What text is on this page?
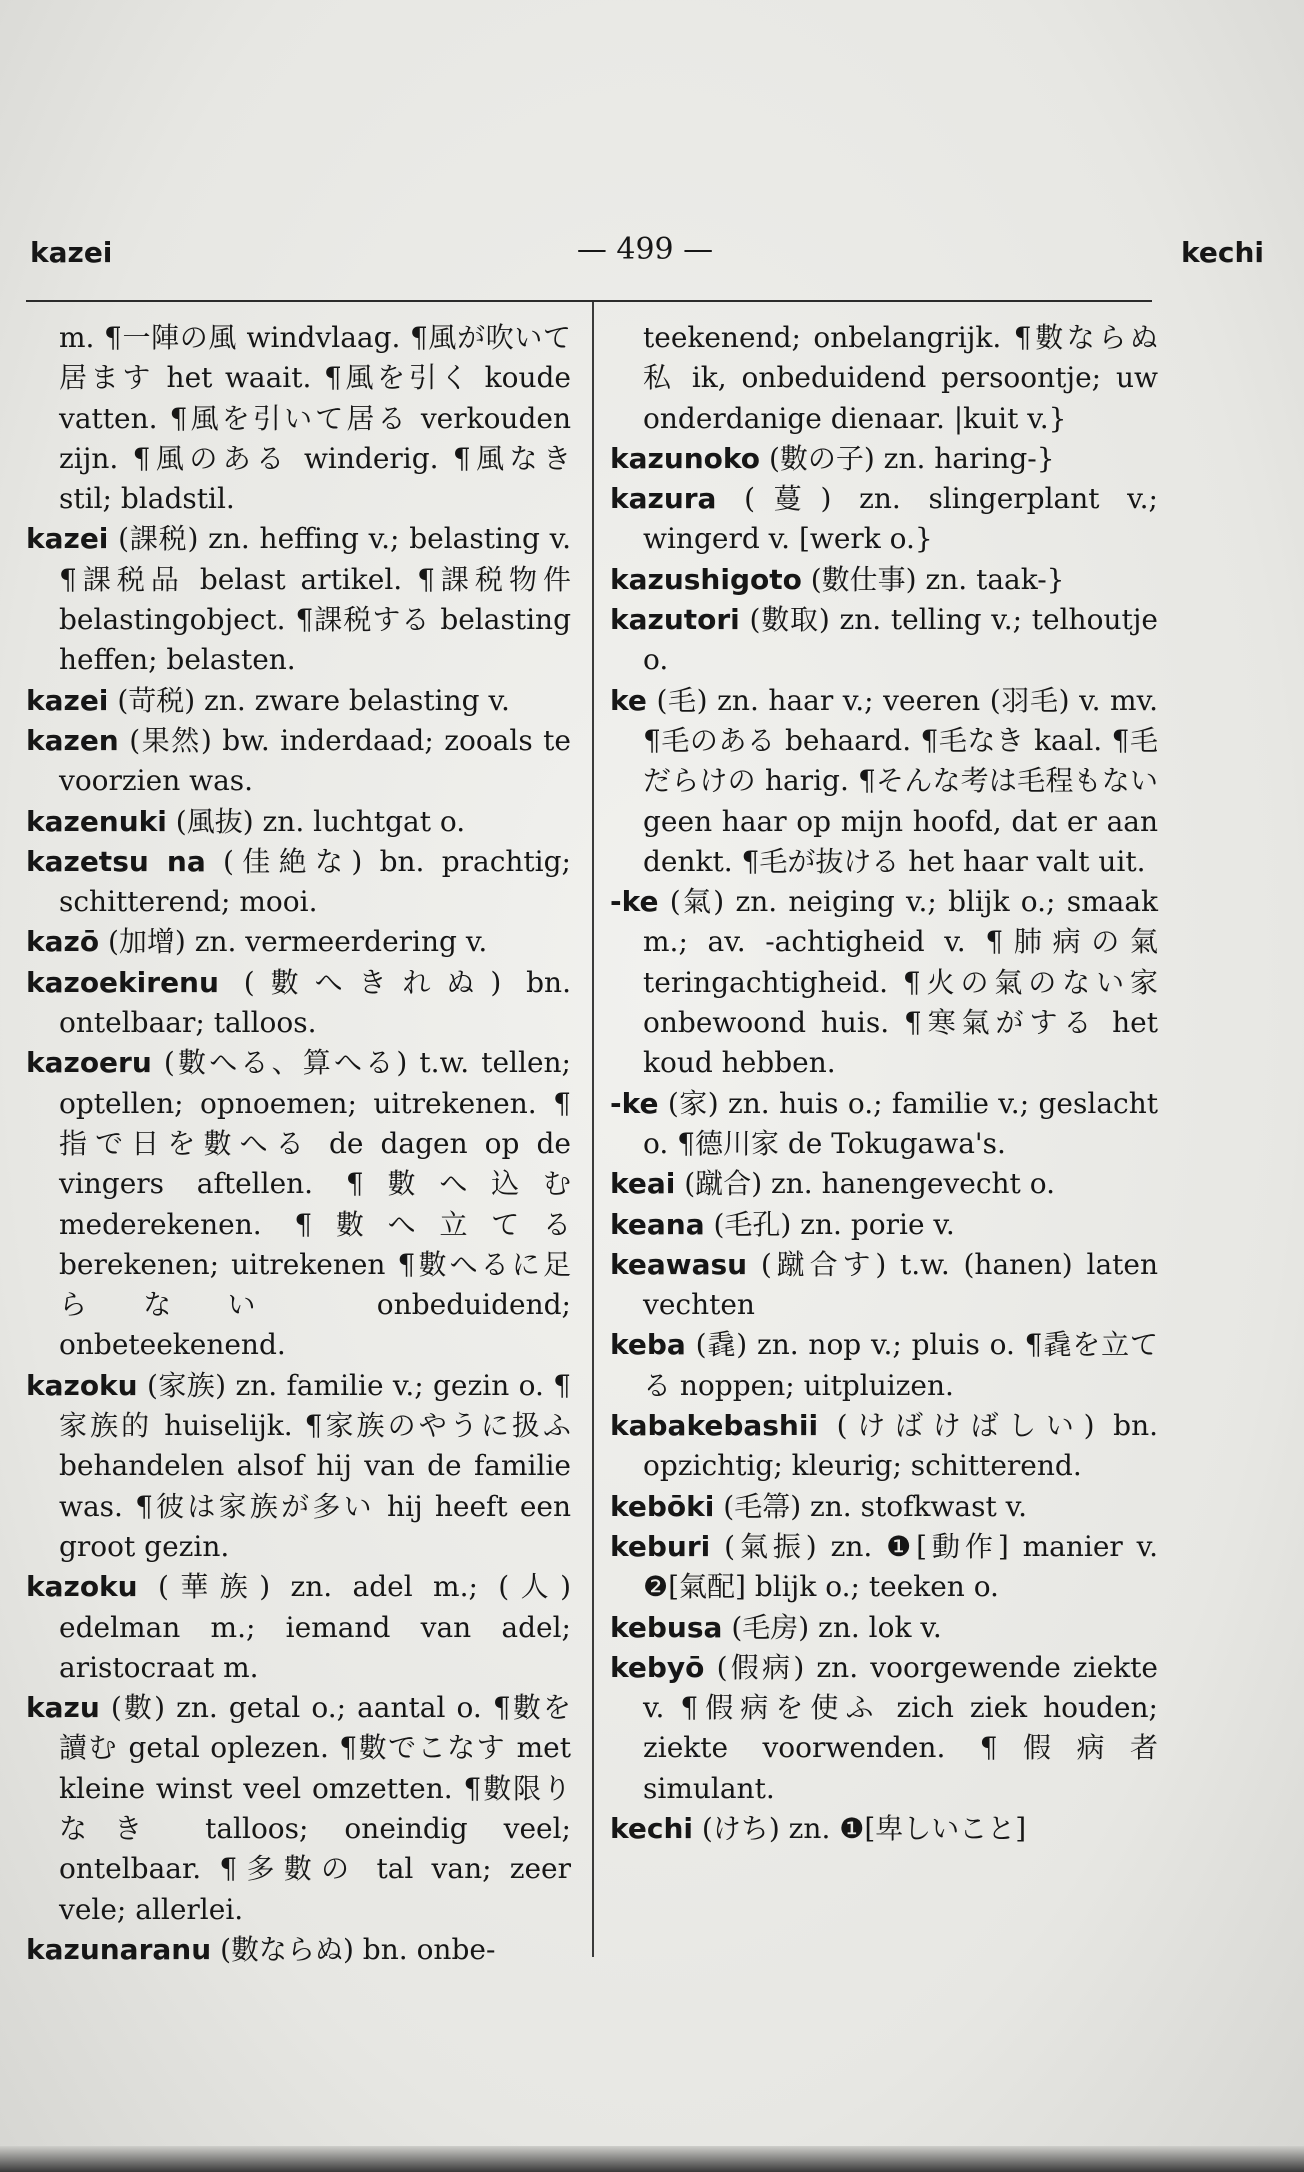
kazei	— 499 —	kechi
m. ¶一陣の風 windvlaag. ¶風が吹いて居ます het waait. ¶風を引く koude vatten. ¶風を引いて居る verkouden zijn. ¶風のある winderig. ¶風なき stil; bladstil.
kazei (課税) zn. heffing v.; belasting v. ¶課税品 belast artikel. ¶課税物件 belastingobject. ¶課税する belasting heffen; belasten.
kazei (苛税) zn. zware belasting v.
kazen (果然) bw. inderdaad; zooals te voorzien was.
kazenuki (風抜) zn. luchtgat o.
kazetsu na (佳絶な) bn. prachtig; schitterend; mooi.
kazō (加增) zn. vermeerdering v.
kazoekirenu (數へきれぬ) bn. ontelbaar; talloos.
kazoeru (數へる、算へる) t.w. tellen; optellen; opnoemen; uitrekenen. ¶指で日を數へる de dagen op de vingers aftellen. ¶數へ込む mederekenen. ¶數へ立てる berekenen; uitrekenen ¶數へるに足らない onbeduidend; onbeteekenend.
kazoku (家族) zn. familie v.; gezin o. ¶家族的 huiselijk. ¶家族のやうに扱ふ behandelen alsof hij van de familie was. ¶彼は家族が多い hij heeft een groot gezin.
kazoku (華族) zn. adel m.; (人) edelman m.; iemand van adel; aristocraat m.
kazu (數) zn. getal o.; aantal o. ¶數を讀む getal oplezen. ¶數でこなす met kleine winst veel omzetten. ¶數限りなき talloos; oneindig veel; ontelbaar. ¶多數の tal van; zeer vele; allerlei.
kazunaranu (數ならぬ) bn. onbe-
teekenend; onbelangrijk. ¶數ならぬ私 ik, onbeduidend persoontje; uw onderdanige dienaar. |kuit v.}
kazunoko (數の子) zn. haring-}
kazura (蔓) zn. slingerplant v.; wingerd v. [werk o.}
kazushigoto (數仕事) zn. taak-}
kazutori (數取) zn. telling v.; telhoutje o.
ke (毛) zn. haar v.; veeren (羽毛) v. mv. ¶毛のある behaard. ¶毛なき kaal. ¶毛だらけの harig. ¶そんな考は毛程もない geen haar op mijn hoofd, dat er aan denkt. ¶毛が抜ける het haar valt uit.
-ke (氣) zn. neiging v.; blijk o.; smaak m.; av. -achtigheid v. ¶肺病の氣 teringachtigheid. ¶火の氣のない家 onbewoond huis. ¶寒氣がする het koud hebben.
-ke (家) zn. huis o.; familie v.; geslacht o. ¶德川家 de Tokugawa's.
keai (蹴合) zn. hanengevecht o.
keana (毛孔) zn. porie v.
keawasu (蹴合す) t.w. (hanen) laten vechten
keba (毳) zn. nop v.; pluis o. ¶毳を立てる noppen; uitpluizen.
kabakebashii (けばけばしい) bn. opzichtig; kleurig; schitterend.
kebōki (毛箒) zn. stofkwast v.
keburi (氣振) zn. ❶[動作] manier v. ❷[氣配] blijk o.; teeken o.
kebusa (毛房) zn. lok v.
kebyō (假病) zn. voorgewende ziekte v. ¶假病を使ふ zich ziek houden; ziekte voorwenden. ¶假病者 simulant.
kechi (けち) zn. ❶[卑しいこと]
